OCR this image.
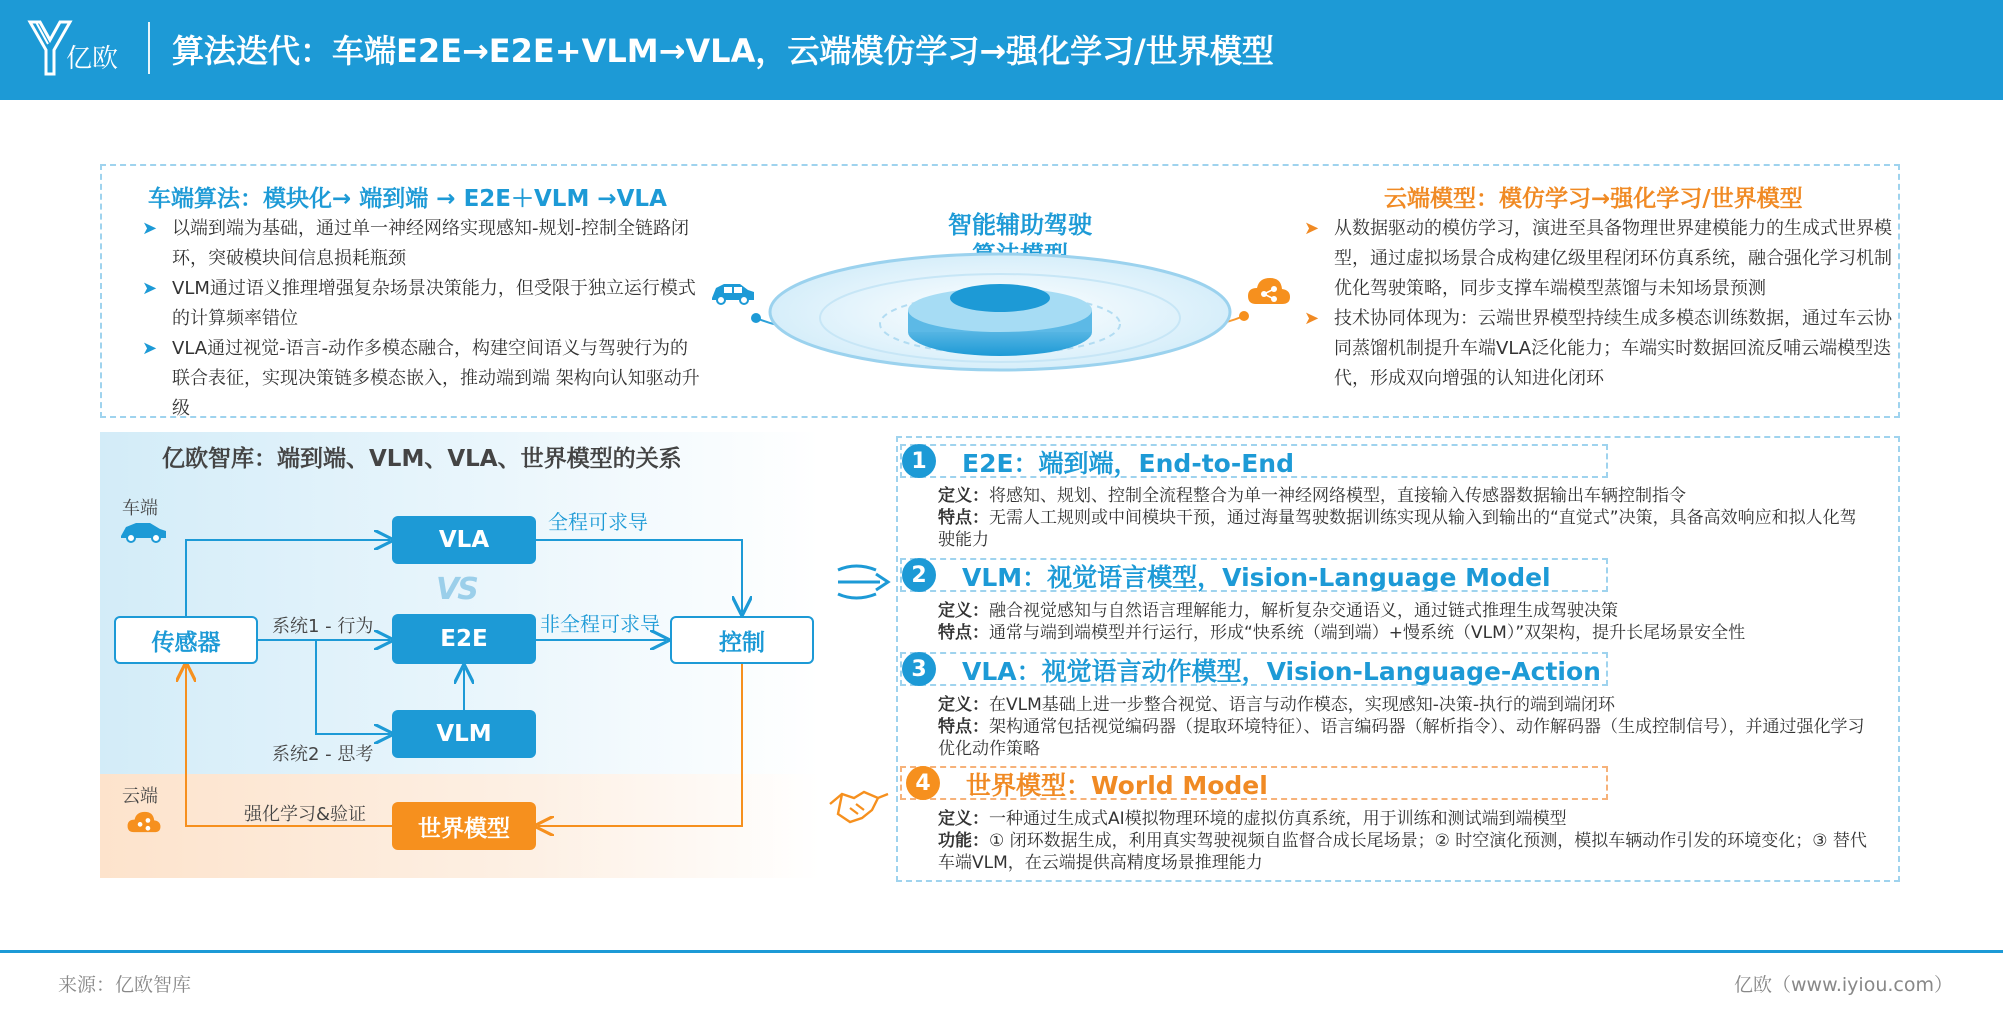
亿欧 算法迭代：车端E2E→E2E+VLM→VLA，云端模仿学习→强化学习/世界模型
车端算法：模块化→ 端到端 → E2E＋VLM →VLA
➤ 以端到端为基础，通过单一神经网络实现感知-规划-控制全链路闭环，突破模块间信息损耗瓶颈
➤ VLM通过语义推理增强复杂场景决策能力，但受限于独立运行模式的计算频率错位
➤ VLA通过视觉-语言-动作多模态融合，构建空间语义与驾驶行为的联合表征，实现决策链多模态嵌入，推动端到端 架构向认知驱动升级
智能辅助驾驶
云端模型：模仿学习→强化学习/世界模型
➤ 从数据驱动的模仿学习，演进至具备物理世界建模能力的生成式世界模型，通过虚拟场景合成构建亿级里程闭环仿真系统，融合强化学习机制优化驾驶策略，同步支撑车端模型蒸馏与未知场景预测
➤ 技术协同体现为：云端世界模型持续生成多模态训练数据，通过车云协同蒸馏机制提升车端VLA泛化能力；车端实时数据回流反哺云端模型迭代，形成双向增强的认知进化闭环
亿欧智库：端到端、VLM、VLA、世界模型的关系
车端
传感器
VLA
VS
E2E
VLM
控制
世界模型
全程可求导
非全程可求导
系统1 - 行为
系统2 - 思考
云端
强化学习&验证
1	E2E：端到端，End-to-End
定义：将感知、规划、控制全流程整合为单一神经网络模型，直接输入传感器数据输出车辆控制指令
特点：无需人工规则或中间模块干预，通过海量驾驶数据训练实现从输入到输出的“直觉式”决策，具备高效响应和拟人化驾驶能力
2	VLM：视觉语言模型，Vision-Language Model
定义：融合视觉感知与自然语言理解能力，解析复杂交通语义，通过链式推理生成驾驶决策
特点：通常与端到端模型并行运行，形成“快系统（端到端）+慢系统（VLM）”双架构，提升长尾场景安全性
3	VLA：视觉语言动作模型，Vision-Language-Action
定义：在VLM基础上进一步整合视觉、语言与动作模态，实现感知-决策-执行的端到端闭环
特点：架构通常包括视觉编码器（提取环境特征）、语言编码器（解析指令）、动作解码器（生成控制信号），并通过强化学习优化动作策略
4	世界模型：World Model
定义：一种通过生成式AI模拟物理环境的虚拟仿真系统，用于训练和测试端到端模型
功能：① 闭环数据生成，利用真实驾驶视频自监督合成长尾场景；② 时空演化预测，模拟车辆动作引发的环境变化；③ 替代车端VLM，在云端提供高精度场景推理能力
来源：亿欧智库	亿欧（www.iyiou.com）
